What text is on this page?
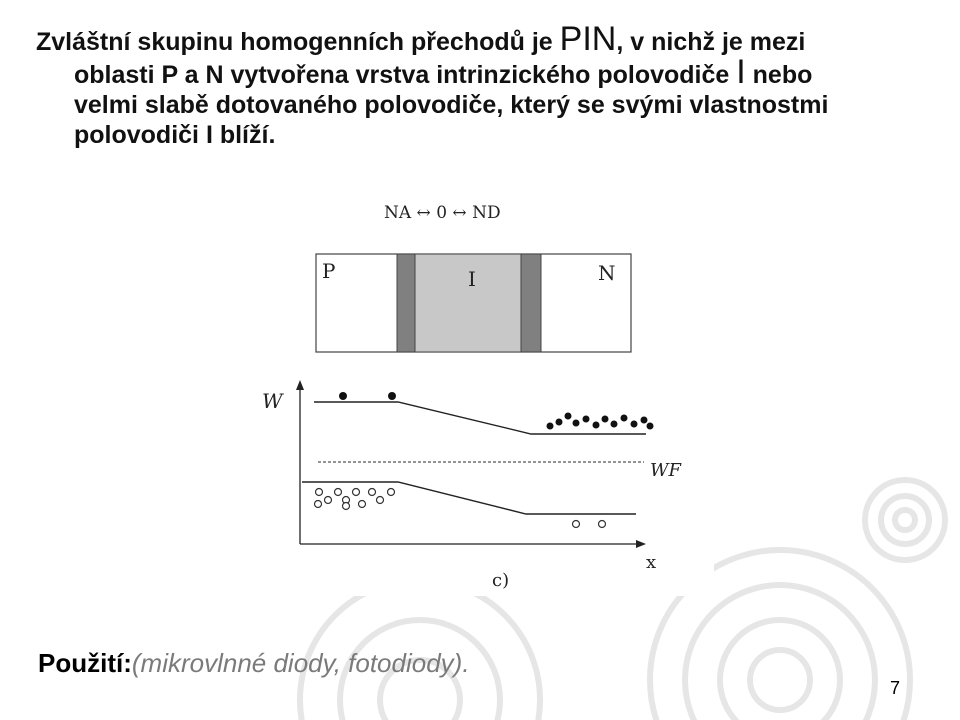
Zvláštní skupinu homogenních přechodů je PIN, v nichž je mezi
oblasti P a N vytvořena vrstva intrinzického polovodiče I nebo
velmi slabě dotovaného polovodiče, který se svými vlastnostmi
polovodiči I blíží.
NA ↔ 0 ↔ ND
P	I	N
W
x
c)
WF
Použití:(mikrovlnné diody, fotodiody).
7
